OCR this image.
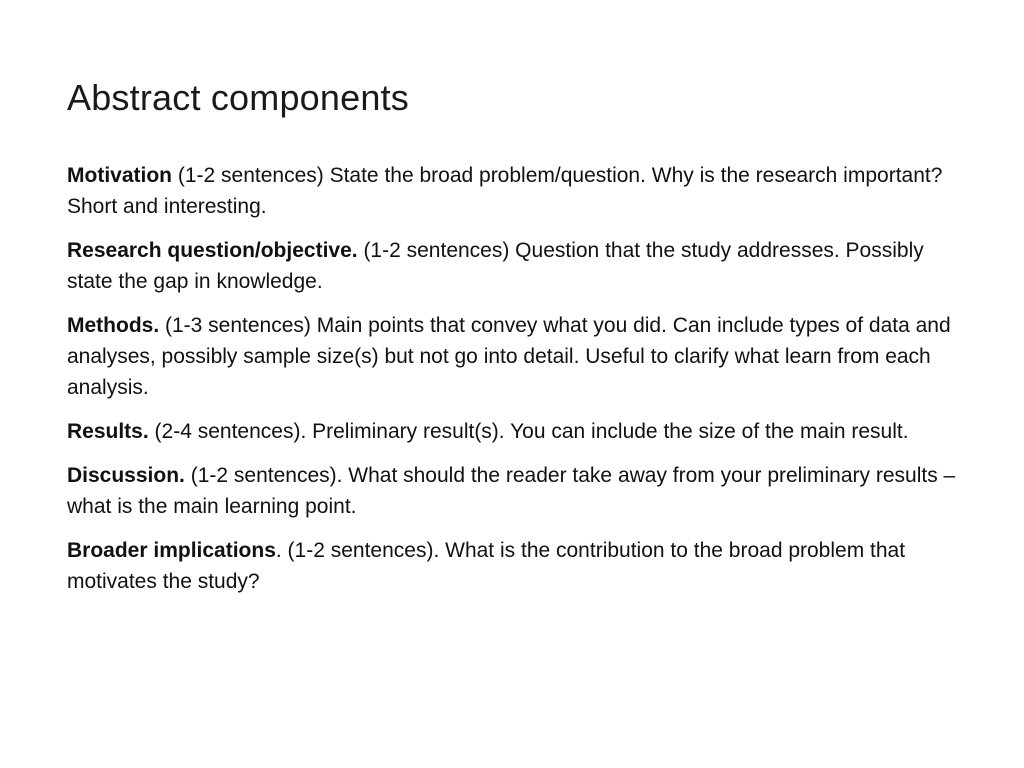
Abstract components

Motivation (1-2 sentences) State the broad problem/question. Why is the research important? Short and interesting.

Research question/objective. (1-2 sentences) Question that the study addresses. Possibly state the gap in knowledge.

Methods. (1-3 sentences) Main points that convey what you did. Can include types of data and analyses, possibly sample size(s) but not go into detail. Useful to clarify what learn from each analysis.

Results. (2-4 sentences). Preliminary result(s). You can include the size of the main result.

Discussion. (1-2 sentences). What should the reader take away from your preliminary results – what is the main learning point.

Broader implications. (1-2 sentences). What is the contribution to the broad problem that motivates the study?
